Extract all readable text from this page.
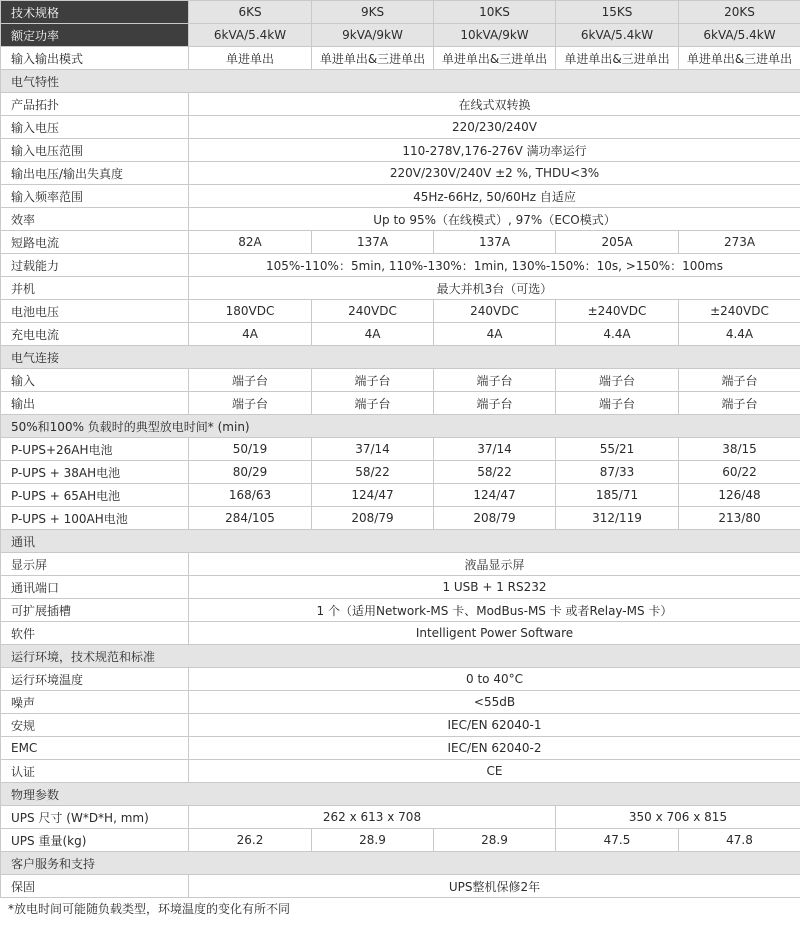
技术规格	6KS	9KS	10KS	15KS	20KS
额定功率	6kVA/5.4kW	9kVA/9kW	10kVA/9kW	6kVA/5.4kW	6kVA/5.4kW
输入输出模式	单进单出	单进单出&三进单出	单进单出&三进单出	单进单出&三进单出	单进单出&三进单出
电气特性					
产品拓扑	在线式双转换				
输入电压	220/230/240V				
输入电压范围	110-278V,176-276V 满功率运行				
输出电压/输出失真度	220V/230V/240V ±2 %, THDU<3%				
输入频率范围	45Hz-66Hz, 50/60Hz 自适应				
效率	Up to 95%（在线模式）, 97%（ECO模式）				
短路电流	82A	137A	137A	205A	273A
过载能力	105%-110%：5min, 110%-130%：1min, 130%-150%：10s, >150%：100ms				
并机	最大并机3台（可选）				
电池电压	180VDC	240VDC	240VDC	±240VDC	±240VDC
充电电流	4A	4A	4A	4.4A	4.4A
电气连接					
输入	端子台	端子台	端子台	端子台	端子台
输出	端子台	端子台	端子台	端子台	端子台
50%和100% 负载时的典型放电时间* (min)					
P-UPS+26AH电池	50/19	37/14	37/14	55/21	38/15
P-UPS + 38AH电池	80/29	58/22	58/22	87/33	60/22
P-UPS + 65AH电池	168/63	124/47	124/47	185/71	126/48
P-UPS + 100AH电池	284/105	208/79	208/79	312/119	213/80
通讯					
显示屏	液晶显示屏				
通讯端口	1 USB + 1 RS232				
可扩展插槽	1 个（适用Network-MS 卡、ModBus-MS 卡 或者Relay-MS 卡）				
软件	Intelligent Power Software				
运行环境，技术规范和标准					
运行环境温度	0 to 40°C				
噪声	<55dB				
安规	IEC/EN 62040-1				
EMC	IEC/EN 62040-2				
认证	CE				
物理参数					
UPS 尺寸 (W*D*H, mm)	262 x 613 x 708			350 x 706 x 815	
UPS 重量(kg)	26.2	28.9	28.9	47.5	47.8
客户服务和支持					
保固	UPS整机保修2年				
*放电时间可能随负载类型，环境温度的变化有所不同
